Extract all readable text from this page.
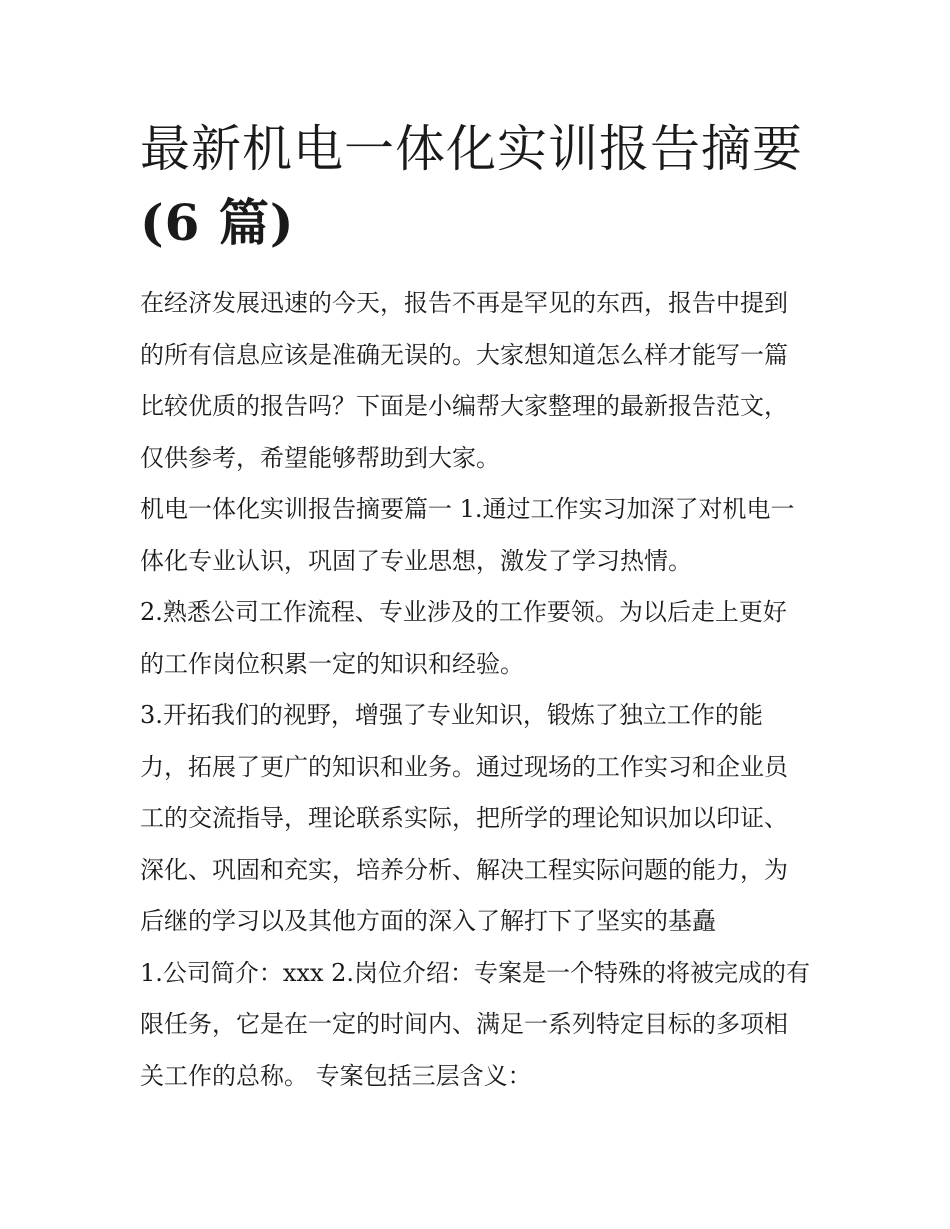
最新机电一体化实训报告摘要
(6 篇)

在经济发展迅速的今天，报告不再是罕见的东西，报告中提到
的所有信息应该是准确无误的。大家想知道怎么样才能写一篇
比较优质的报告吗？下面是小编帮大家整理的最新报告范文，
仅供参考，希望能够帮助到大家。

机电一体化实训报告摘要篇一 1.通过工作实习加深了对机电一
体化专业认识，巩固了专业思想，激发了学习热情。

2.熟悉公司工作流程、专业涉及的工作要领。为以后走上更好
的工作岗位积累一定的知识和经验。

3.开拓我们的视野，增强了专业知识，锻炼了独立工作的能
力，拓展了更广的知识和业务。通过现场的工作实习和企业员
工的交流指导，理论联系实际，把所学的理论知识加以印证、
深化、巩固和充实，培养分析、解决工程实际问题的能力，为
后继的学习以及其他方面的深入了解打下了坚实的基矗

1.公司简介：xxx 2.岗位介绍：专案是一个特殊的将被完成的有
限任务，它是在一定的时间内、满足一系列特定目标的多项相
关工作的总称。 专案包括三层含义：
